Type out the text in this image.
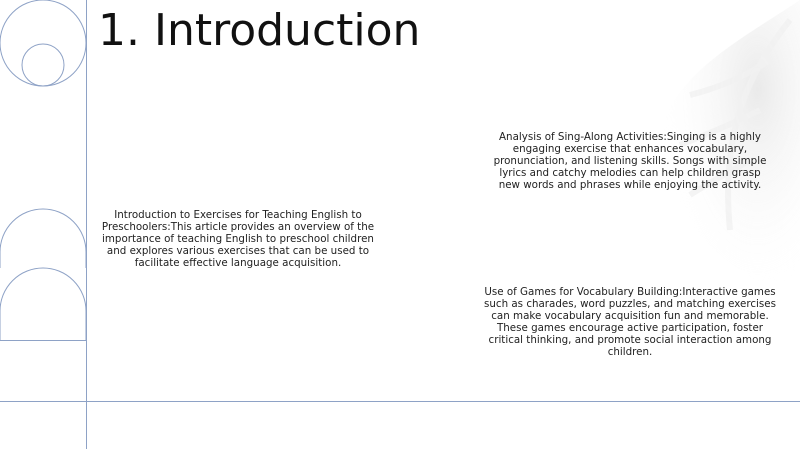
1. Introduction

Introduction to Exercises for Teaching English to Preschoolers:This article provides an overview of the importance of teaching English to preschool children and explores various exercises that can be used to facilitate effective language acquisition.

Analysis of Sing-Along Activities:Singing is a highly engaging exercise that enhances vocabulary, pronunciation, and listening skills. Songs with simple lyrics and catchy melodies can help children grasp new words and phrases while enjoying the activity.

Use of Games for Vocabulary Building:Interactive games such as charades, word puzzles, and matching exercises can make vocabulary acquisition fun and memorable. These games encourage active participation, foster critical thinking, and promote social interaction among children.
